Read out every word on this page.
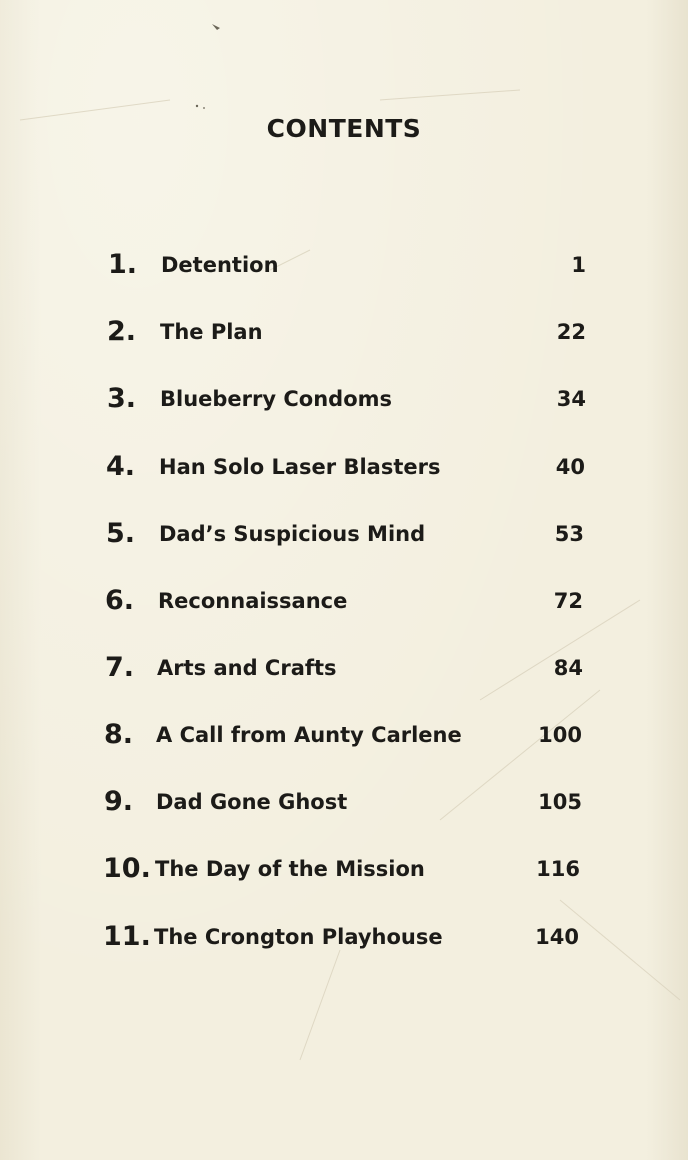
CONTENTS
1. Detention	1
2. The Plan	22
3. Blueberry Condoms	34
4. Han Solo Laser Blasters	40
5. Dad’s Suspicious Mind	53
6. Reconnaissance	72
7. Arts and Crafts	84
8. A Call from Aunty Carlene	100
9. Dad Gone Ghost	105
10. The Day of the Mission	116
11. The Crongton Playhouse	140
